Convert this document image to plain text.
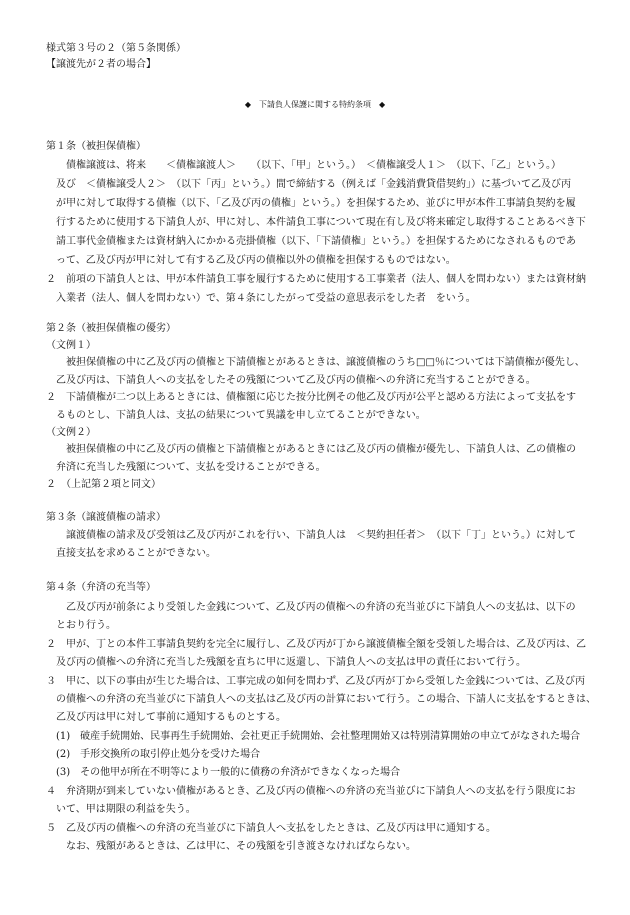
様式第３号の２（第５条関係）
【譲渡先が２者の場合】
◆　下請負人保護に関する特約条項　◆
第１条（被担保債権）
債権譲渡は、将来　　＜債権譲渡人＞　　（以下、「甲」という。）　＜債権譲受人１＞　（以下、「乙」という。）
及び　＜債権譲受人２＞　（以下「丙」という。）間で締結する（例えば「金銭消費貸借契約」）に基づいて乙及び丙
が甲に対して取得する債権（以下、「乙及び丙の債権」という。）を担保するため、並びに甲が本件工事請負契約を履
行するために使用する下請負人が、甲に対し、本件請負工事について現在有し及び将来確定し取得することあるべき下
請工事代金債権または資材納入にかかる売掛債権（以下、「下請債権」という。）を担保するためになされるものであ
って、乙及び丙が甲に対して有する乙及び丙の債権以外の債権を担保するものではない。
２　前項の下請負人とは、甲が本件請負工事を履行するために使用する工事業者（法人、個人を問わない）または資材納
入業者（法人、個人を問わない）で、第４条にしたがって受益の意思表示をした者　をいう。
第２条（被担保債権の優劣）
（文例１）
被担保債権の中に乙及び丙の債権と下請債権とがあるときは、譲渡債権のうち□□％については下請債権が優先し、
乙及び丙は、下請負人への支払をしたその残額について乙及び丙の債権への弁済に充当することができる。
２　下請債権が二つ以上あるときには、債権額に応じた按分比例その他乙及び丙が公平と認める方法によって支払をす
るものとし、下請負人は、支払の結果について異議を申し立てることができない。
（文例２）
被担保債権の中に乙及び丙の債権と下請債権とがあるときには乙及び丙の債権が優先し、下請負人は、乙の債権の
弁済に充当した残額について、支払を受けることができる。
２　（上記第２項と同文）
第３条（譲渡債権の請求）
譲渡債権の請求及び受領は乙及び丙がこれを行い、下請負人は　＜契約担任者＞　（以下「丁」という。）に対して
直接支払を求めることができない。
第４条（弁済の充当等）
乙及び丙が前条により受領した金銭について、乙及び丙の債権への弁済の充当並びに下請負人への支払は、以下の
とおり行う。
２　甲が、丁との本件工事請負契約を完全に履行し、乙及び丙が丁から譲渡債権全額を受領した場合は、乙及び丙は、乙
及び丙の債権への弁済に充当した残額を直ちに甲に返還し、下請負人への支払は甲の責任において行う。
３　甲に、以下の事由が生じた場合は、工事完成の如何を問わず、乙及び丙が丁から受領した金銭については、乙及び丙
の債権への弁済の充当並びに下請負人への支払は乙及び丙の計算において行う。この場合、下請人に支払をするときは、
乙及び丙は甲に対して事前に通知するものとする。
(1)　破産手続開始、民事再生手続開始、会社更正手続開始、会社整理開始又は特別清算開始の申立てがなされた場合
(2)　手形交換所の取引停止処分を受けた場合
(3)　その他甲が所在不明等により一般的に債務の弁済ができなくなった場合
４　弁済期が到来していない債権があるとき、乙及び丙の債権への弁済の充当並びに下請負人への支払を行う限度にお
いて、甲は期限の利益を失う。
５　乙及び丙の債権への弁済の充当並びに下請負人へ支払をしたときは、乙及び丙は甲に通知する。
なお、残額があるときは、乙は甲に、その残額を引き渡さなければならない。
